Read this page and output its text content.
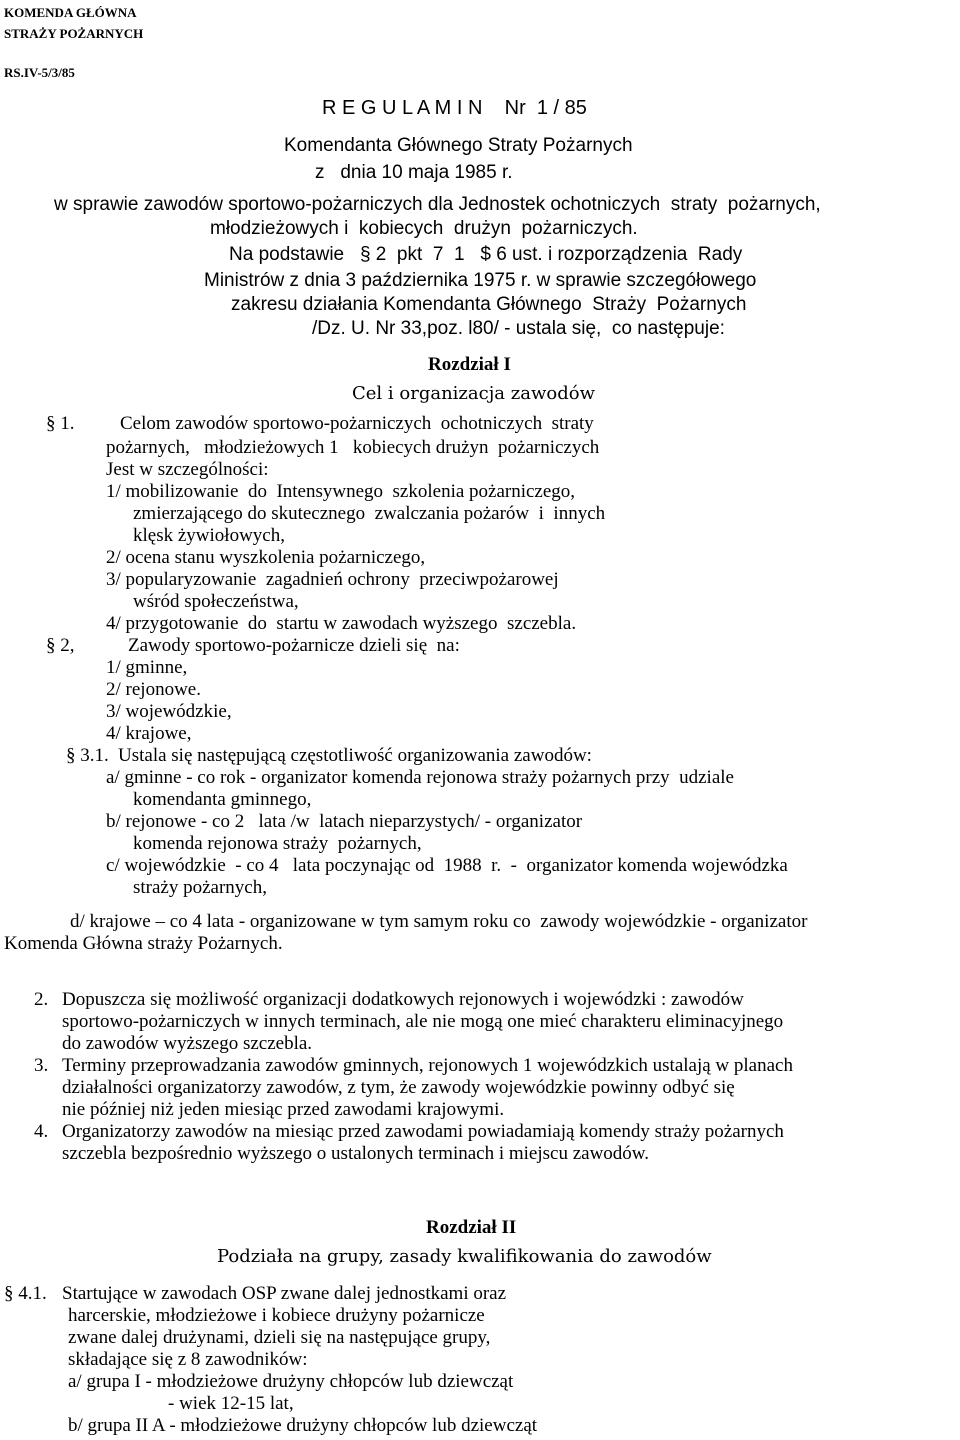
KOMENDA GŁÓWNA

STRAŻY POŻARNYCH

RS.IV-5/3/85

R E G U L A M I N    Nr  1 / 85

Komendanta Głównego Straty Pożarnych

z   dnia 10 maja 1985 r.

w sprawie zawodów sportowo-pożarniczych dla Jednostek ochotniczych  straty  pożarnych,

młodzieżowych i  kobiecych  drużyn  pożarniczych.

Na podstawie   § 2  pkt  7  1   $ 6 ust. i rozporządzenia  Rady

Ministrów z dnia 3 października 1975 r. w sprawie szczegółowego

zakresu działania Komendanta Głównego  Straży  Pożarnych

/Dz. U. Nr 33,poz. l80/ - ustala się,  co następuje:

Rozdział I

Cel i organizacja zawodów

§ 1. Celom zawodów sportowo-pożarniczych  ochotniczych  straty

pożarnych,   młodzieżowych 1   kobiecych drużyn  pożarniczych

Jest w szczególności:

1/ mobilizowanie  do  Intensywnego  szkolenia pożarniczego,

zmierzającego do skutecznego  zwalczania pożarów  i  innych

klęsk żywiołowych,

2/ ocena stanu wyszkolenia pożarniczego,

3/ popularyzowanie  zagadnień ochrony  przeciwpożarowej

wśród społeczeństwa,

4/ przygotowanie  do  startu w zawodach wyższego  szczebla.

§ 2,	Zawody sportowo-pożarnicze dzieli się  na:

1/ gminne,

2/ rejonowe.

3/ wojewódzkie,

4/ krajowe,

§ 3.1. Ustala się następującą częstotliwość organizowania zawodów:

a/ gminne - co rok - organizator komenda rejonowa straży pożarnych przy  udziale

komendanta gminnego,

b/ rejonowe - co 2   lata /w  latach nieparzystych/ - organizator

komenda rejonowa straży  pożarnych,

c/ wojewódzkie  - co 4   lata poczynając od  1988  r.  -  organizator komenda wojewódzka

straży pożarnych,

d/ krajowe – co 4 lata - organizowane w tym samym roku co  zawody wojewódzkie - organizator

Komenda Główna straży Pożarnych.

2. Dopuszcza się możliwość organizacji dodatkowych rejonowych i wojewódzki : zawodów

sportowo-pożarniczych w innych terminach, ale nie mogą one mieć charakteru eliminacyjnego

do zawodów wyższego szczebla.

3. Terminy przeprowadzania zawodów gminnych, rejonowych 1 wojewódzkich ustalają w planach

działalności organizatorzy zawodów, z tym, że zawody wojewódzkie powinny odbyć się

nie później niż jeden miesiąc przed zawodami krajowymi.

4. Organizatorzy zawodów na miesiąc przed zawodami powiadamiają komendy straży pożarnych

szczebla bezpośrednio wyższego o ustalonych terminach i miejscu zawodów.

Rozdział II

Podziała na grupy, zasady kwalifikowania do zawodów

§ 4.1. Startujące w zawodach OSP zwane dalej jednostkami oraz

harcerskie, młodzieżowe i kobiece drużyny pożarnicze

zwane dalej drużynami, dzieli się na następujące grupy,

składające się z 8 zawodników:

a/ grupa I - młodzieżowe drużyny chłopców lub dziewcząt

- wiek 12-15 lat,

b/ grupa II A - młodzieżowe drużyny chłopców lub dziewcząt
